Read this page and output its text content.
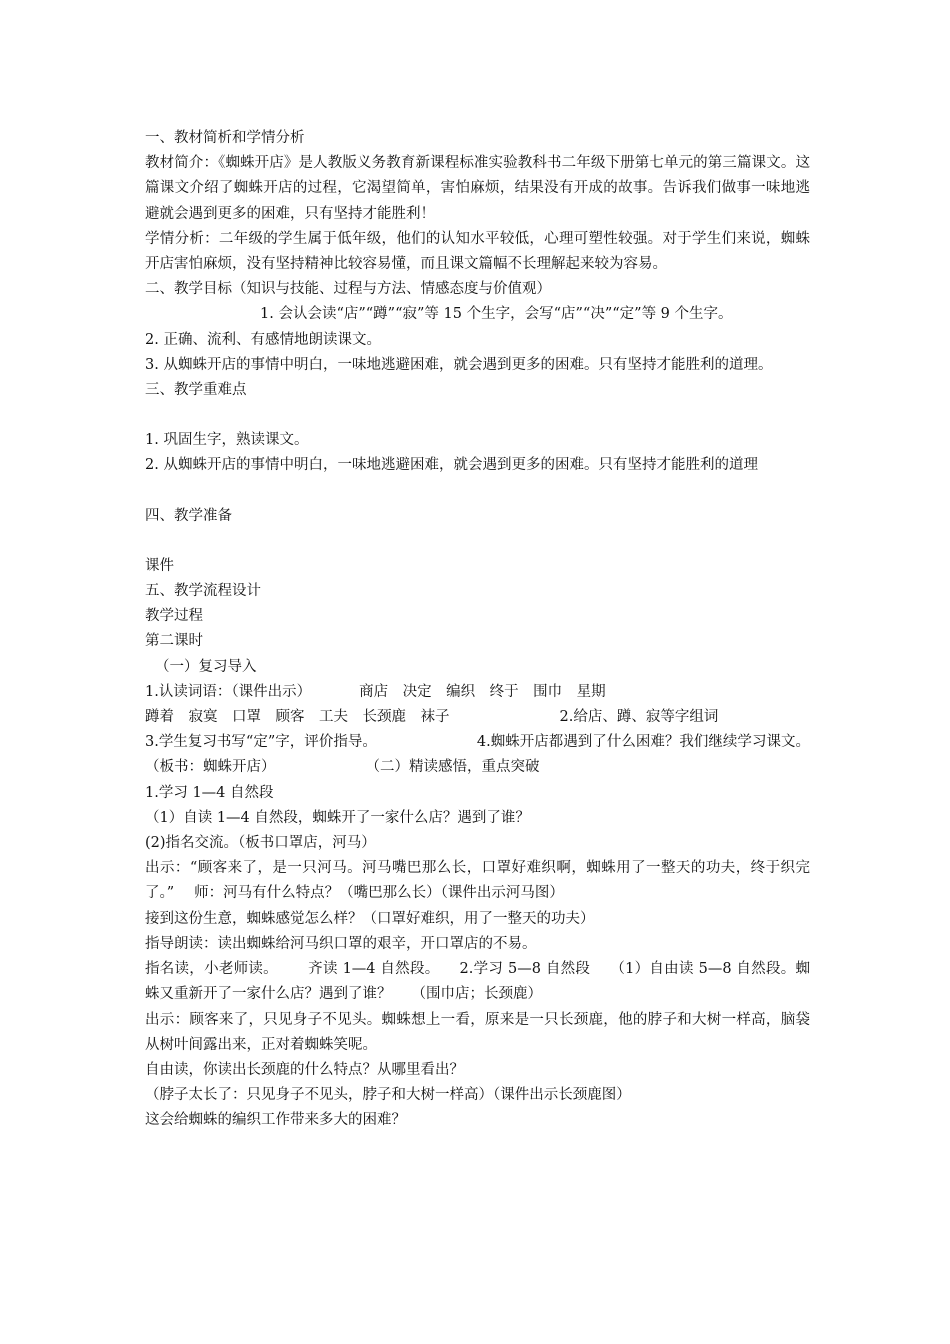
一、教材简析和学情分析

教材简介：《蜘蛛开店》是人教版义务教育新课程标准实验教科书二年级下册第七单元的第三篇课文。这篇课文介绍了蜘蛛开店的过程，它渴望简单，害怕麻烦，结果没有开成的故事。告诉我们做事一味地逃避就会遇到更多的困难，只有坚持才能胜利！

学情分析：二年级的学生属于低年级，他们的认知水平较低，心理可塑性较强。对于学生们来说，蜘蛛开店害怕麻烦，没有坚持精神比较容易懂，而且课文篇幅不长理解起来较为容易。

二、教学目标（知识与技能、过程与方法、情感态度与价值观）

1. 会认会读“店”“蹲”“寂”等 15 个生字，会写“店”“决”“定”等 9 个生字。

2. 正确、流利、有感情地朗读课文。

3. 从蜘蛛开店的事情中明白，一味地逃避困难，就会遇到更多的困难。只有坚持才能胜利的道理。

三、教学重难点

1. 巩固生字，熟读课文。

2. 从蜘蛛开店的事情中明白，一味地逃避困难，就会遇到更多的困难。只有坚持才能胜利的道理

四、教学准备

课件

五、教学流程设计

教学过程

第二课时

（一）复习导入

1.认读词语：（课件出示）	商店　决定　编织　终于　围巾　星期

蹲着　寂寞　口罩　顾客　工夫　长颈鹿　袜子	2.给店、蹲、寂等字组词

3.学生复习书写“定”字，评价指导。	4.蜘蛛开店都遇到了什么困难？我们继续学习课文。（板书：蜘蛛开店）	（二）精读感悟，重点突破

1.学习 1—4 自然段

（1）自读 1—4 自然段，蜘蛛开了一家什么店？遇到了谁？

(2)指名交流。（板书口罩店，河马）

出示：“顾客来了，是一只河马。河马嘴巴那么长，口罩好难织啊，蜘蛛用了一整天的功夫，终于织完了。” 师：河马有什么特点？（嘴巴那么长）（课件出示河马图）

接到这份生意，蜘蛛感觉怎么样？（口罩好难织，用了一整天的功夫）

指导朗读：读出蜘蛛给河马织口罩的艰辛，开口罩店的不易。

指名读，小老师读。 齐读 1—4 自然段。 2.学习 5—8 自然段 （1）自由读 5—8 自然段。蜘蛛又重新开了一家什么店？遇到了谁？ （围巾店；长颈鹿）

出示：顾客来了，只见身子不见头。蜘蛛想上一看，原来是一只长颈鹿，他的脖子和大树一样高，脑袋从树叶间露出来，正对着蜘蛛笑呢。

自由读，你读出长颈鹿的什么特点？从哪里看出？

（脖子太长了：只见身子不见头，脖子和大树一样高）（课件出示长颈鹿图）

这会给蜘蛛的编织工作带来多大的困难？
